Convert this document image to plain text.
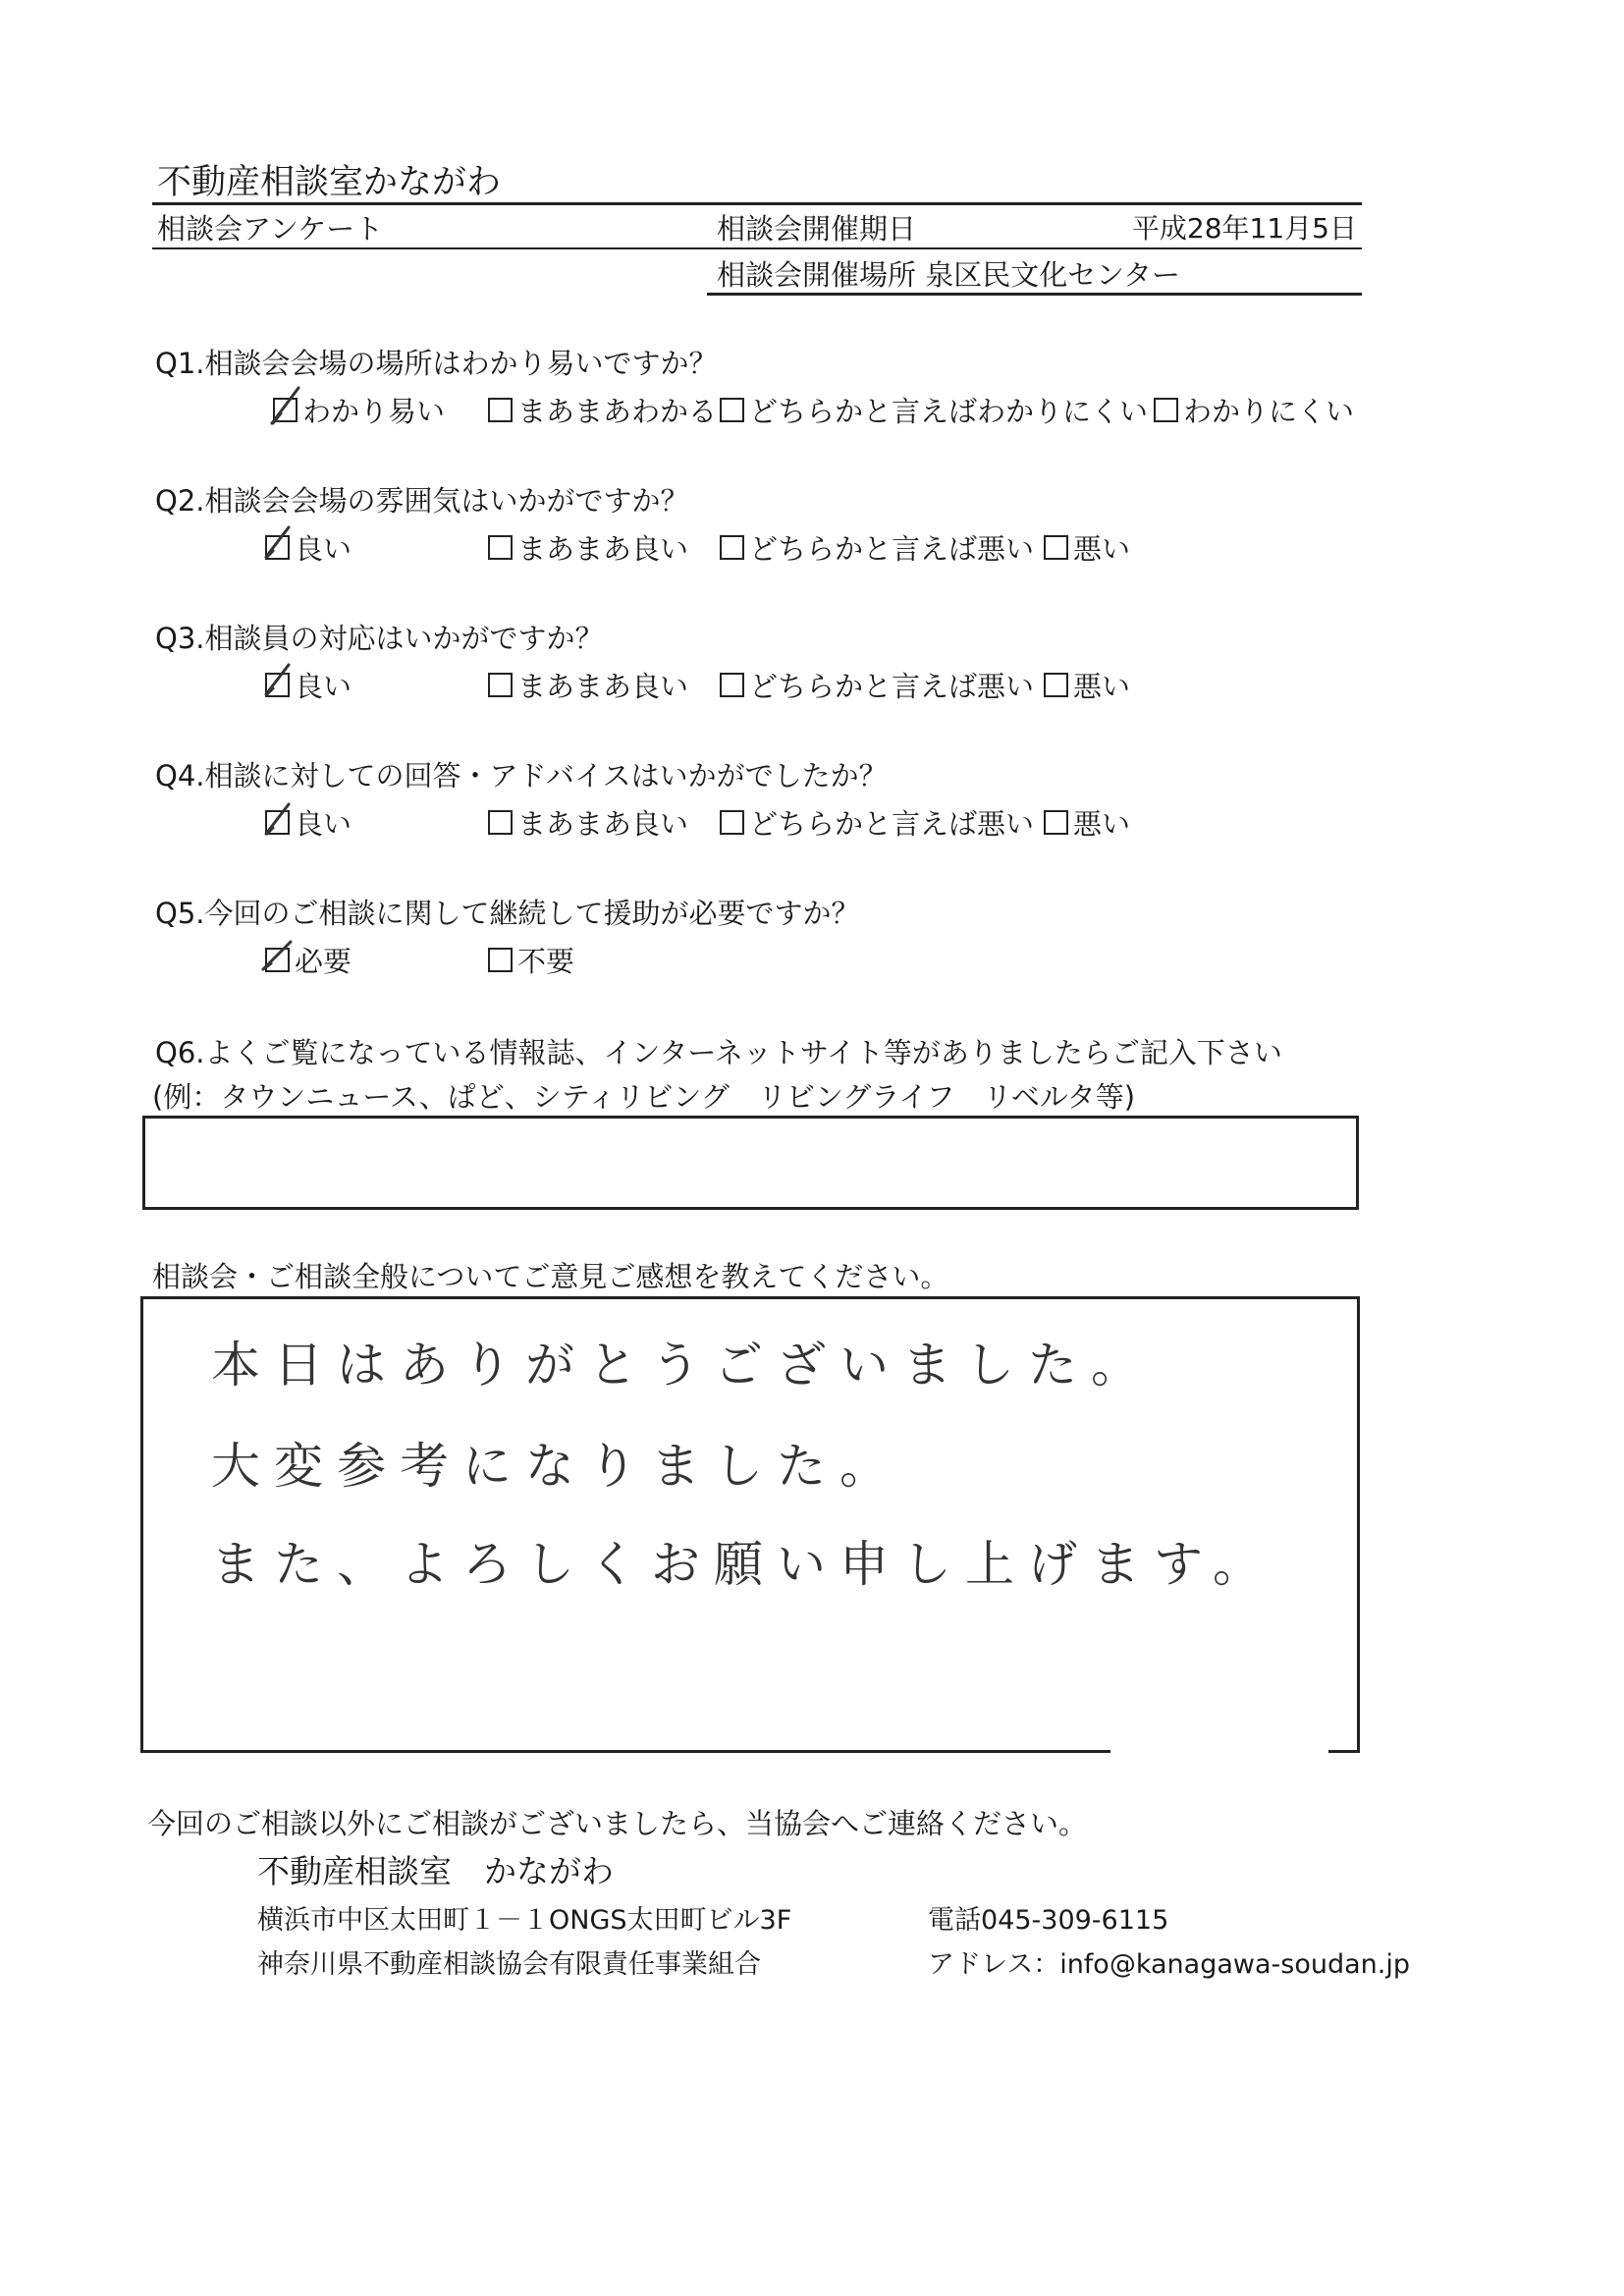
不動産相談室かながわ
相談会アンケート	相談会開催期日	平成28年11月5日
相談会開催場所 泉区民文化センター
Q1.相談会会場の場所はわかり易いですか？
わかり易い	まあまあわかる どちらかと言えばわかりにくい わかりにくい
Q2.相談会会場の雰囲気はいかがですか？
良い	まあまあ良い どちらかと言えば悪い 悪い
Q3.相談員の対応はいかがですか？
良い	まあまあ良い どちらかと言えば悪い 悪い
Q4.相談に対しての回答・アドバイスはいかがでしたか？
良い	まあまあ良い どちらかと言えば悪い 悪い
Q5.今回のご相談に関して継続して援助が必要ですか？
必要	不要
Q6.よくご覧になっている情報誌、インターネットサイト等がありましたらご記入下さい
(例：タウンニュース、ぱど、シティリビング　リビングライフ　リベルタ等)
相談会・ご相談全般についてご意見ご感想を教えてください。
本日はありがとうございました。
大変参考になりました。
また、よろしくお願い申し上げます。
今回のご相談以外にご相談がございましたら、当協会へご連絡ください。
不動産相談室　かながわ
横浜市中区太田町１－１ONGS太田町ビル3F	電話045-309-6115
神奈川県不動産相談協会有限責任事業組合	アドレス：info@kanagawa-soudan.jp
